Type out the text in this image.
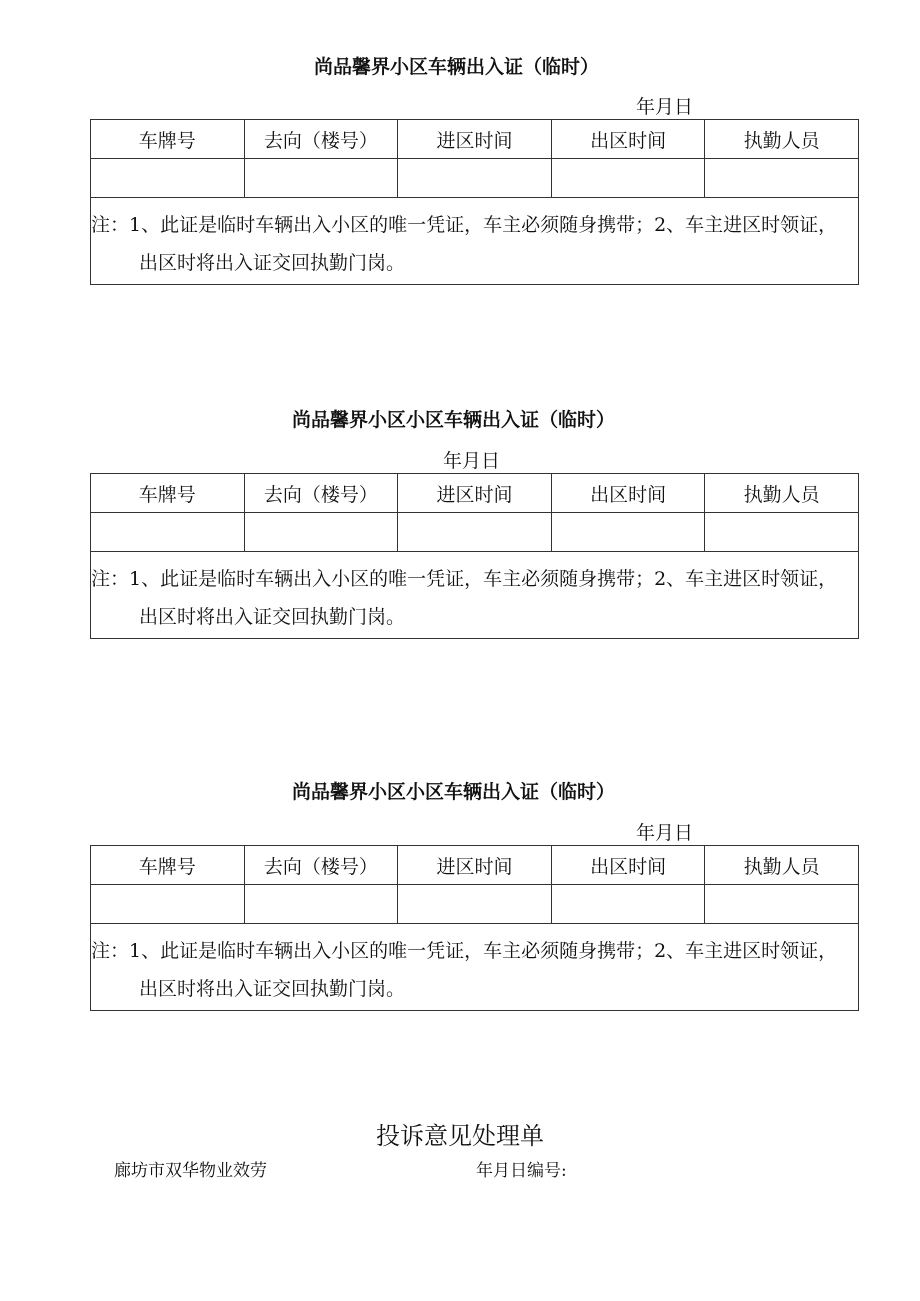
尚品馨界小区车辆出入证（临时）
年月日
车牌号	去向（楼号）	进区时间	出区时间	执勤人员

注：1、此证是临时车辆出入小区的唯一凭证，车主必须随身携带；2、车主进区时领证，出区时将出入证交回执勤门岗。				
尚品馨界小区小区车辆出入证（临时）
年月日
车牌号	去向（楼号）	进区时间	出区时间	执勤人员

注：1、此证是临时车辆出入小区的唯一凭证，车主必须随身携带；2、车主进区时领证，出区时将出入证交回执勤门岗。				
尚品馨界小区小区车辆出入证（临时）
年月日
车牌号	去向（楼号）	进区时间	出区时间	执勤人员

注：1、此证是临时车辆出入小区的唯一凭证，车主必须随身携带；2、车主进区时领证，出区时将出入证交回执勤门岗。				
投诉意见处理单
廊坊市双华物业效劳	年月日编号:
